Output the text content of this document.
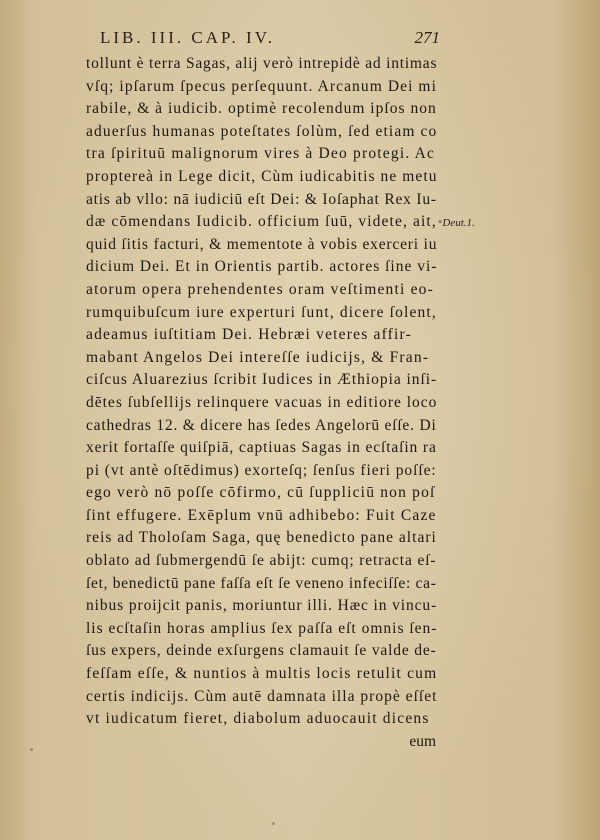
LIB. III. CAP. IV.	271
tollunt è terra Sagas, alij verò intrepidè ad intimas
vſq; ipſarum ſpecus perſequunt. Arcanum Dei mi
rabile, & à iudicib. optimè recolendum ipſos non
aduerſus humanas poteſtates ſolùm, ſed etiam co
tra ſpirituū malignorum vires à Deo protegi. Ac
proptereà in Lege dicit, Cùm iudicabitis ne metu
atis ab vllo: nā iudiciū eſt Dei: & Ioſaphat Rex Iu-
dæ cōmendans Iudicib. officium ſuū, videte, ait,
quid ſitis facturi, & mementote à vobis exerceri iu
dicium Dei. Et in Orientis partib. actores ſine vi-
atorum opera prehendentes oram veſtimenti eo-
rumquibuſcum iure experturi ſunt, dicere ſolent,
adeamus iuſtitiam Dei. Hebræi veteres affir-
mabant Angelos Dei intereſſe iudicijs, & Fran-
ciſcus Aluarezius ſcribit Iudices in Æthiopia inſi-
dētes ſubſellijs relinquere vacuas in editiore loco
cathedras 12. & dicere has ſedes Angelorū eſſe. Di
xerit fortaſſe quiſpiā, captiuas Sagas in ecſtaſin ra
pi (vt antè oſtēdimus) exorteſq; ſenſus fieri poſſe:
ego verò nō poſſe cōfirmo, cū ſuppliciū non poſ
ſint effugere. Exēplum vnū adhibebo: Fuit Caze
reis ad Tholoſam Saga, quę benedicto pane altari
oblato ad ſubmergendū ſe abijt: cumq; retracta eſ-
ſet, benedictū pane faſſa eſt ſe veneno infeciſſe: ca-
nibus proijcit panis, moriuntur illi. Hæc in vincu-
lis ecſtaſin horas amplius ſex paſſa eſt omnis ſen-
ſus expers, deinde exſurgens clamauit ſe valde de-
feſſam eſſe, & nuntios à multis locis retulit cum
certis indicijs. Cùm autē damnata illa propè eſſet
vt iudicatum fieret, diabolum aduocauit dicens
eum
ᵃDeut.1.
